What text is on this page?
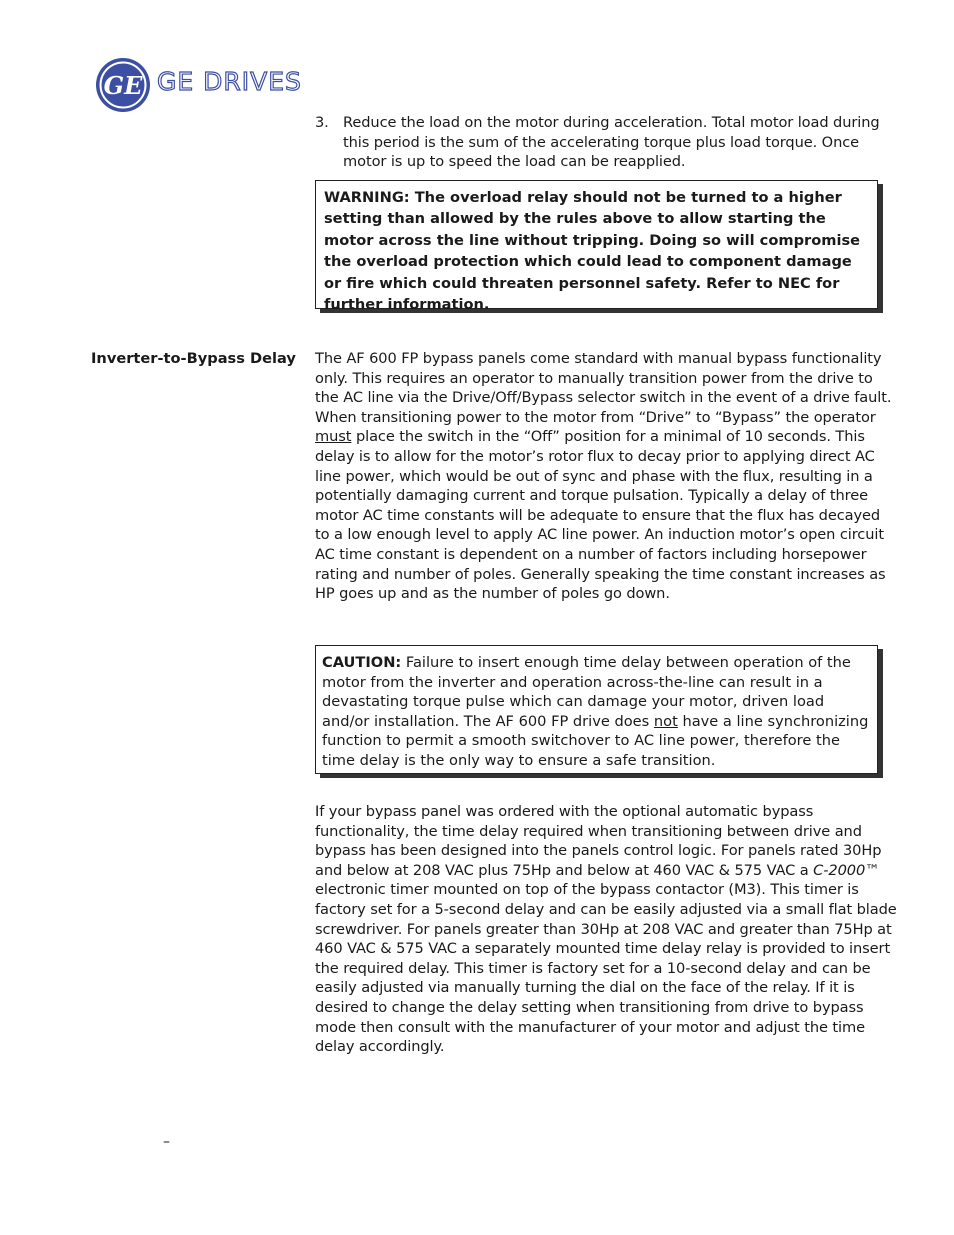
GE GE DRIVES
3. Reduce the load on the motor during acceleration. Total motor load during this period is the sum of the accelerating torque plus load torque. Once motor is up to speed the load can be reapplied.

WARNING: The overload relay should not be turned to a higher setting than allowed by the rules above to allow starting the motor across the line without tripping. Doing so will compromise the overload protection which could lead to component damage or fire which could threaten personnel safety. Refer to NEC for further information.

Inverter-to-Bypass Delay The AF 600 FP bypass panels come standard with manual bypass functionality only. This requires an operator to manually transition power from the drive to the AC line via the Drive/Off/Bypass selector switch in the event of a drive fault. When transitioning power to the motor from “Drive” to “Bypass” the operator must place the switch in the “Off” position for a minimal of 10 seconds. This delay is to allow for the motor’s rotor flux to decay prior to applying direct AC line power, which would be out of sync and phase with the flux, resulting in a potentially damaging current and torque pulsation. Typically a delay of three motor AC time constants will be adequate to ensure that the flux has decayed to a low enough level to apply AC line power. An induction motor’s open circuit AC time constant is dependent on a number of factors including horsepower rating and number of poles. Generally speaking the time constant increases as HP goes up and as the number of poles go down.

CAUTION: Failure to insert enough time delay between operation of the motor from the inverter and operation across-the-line can result in a devastating torque pulse which can damage your motor, driven load and/or installation. The AF 600 FP drive does not have a line synchronizing function to permit a smooth switchover to AC line power, therefore the time delay is the only way to ensure a safe transition.

If your bypass panel was ordered with the optional automatic bypass functionality, the time delay required when transitioning between drive and bypass has been designed into the panels control logic. For panels rated 30Hp and below at 208 VAC plus 75Hp and below at 460 VAC & 575 VAC a C-2000™ electronic timer mounted on top of the bypass contactor (M3). This timer is factory set for a 5-second delay and can be easily adjusted via a small flat blade screwdriver. For panels greater than 30Hp at 208 VAC and greater than 75Hp at 460 VAC & 575 VAC a separately mounted time delay relay is provided to insert the required delay. This timer is factory set for a 10-second delay and can be easily adjusted via manually turning the dial on the face of the relay. If it is desired to change the delay setting when transitioning from drive to bypass mode then consult with the manufacturer of your motor and adjust the time delay accordingly.

–
